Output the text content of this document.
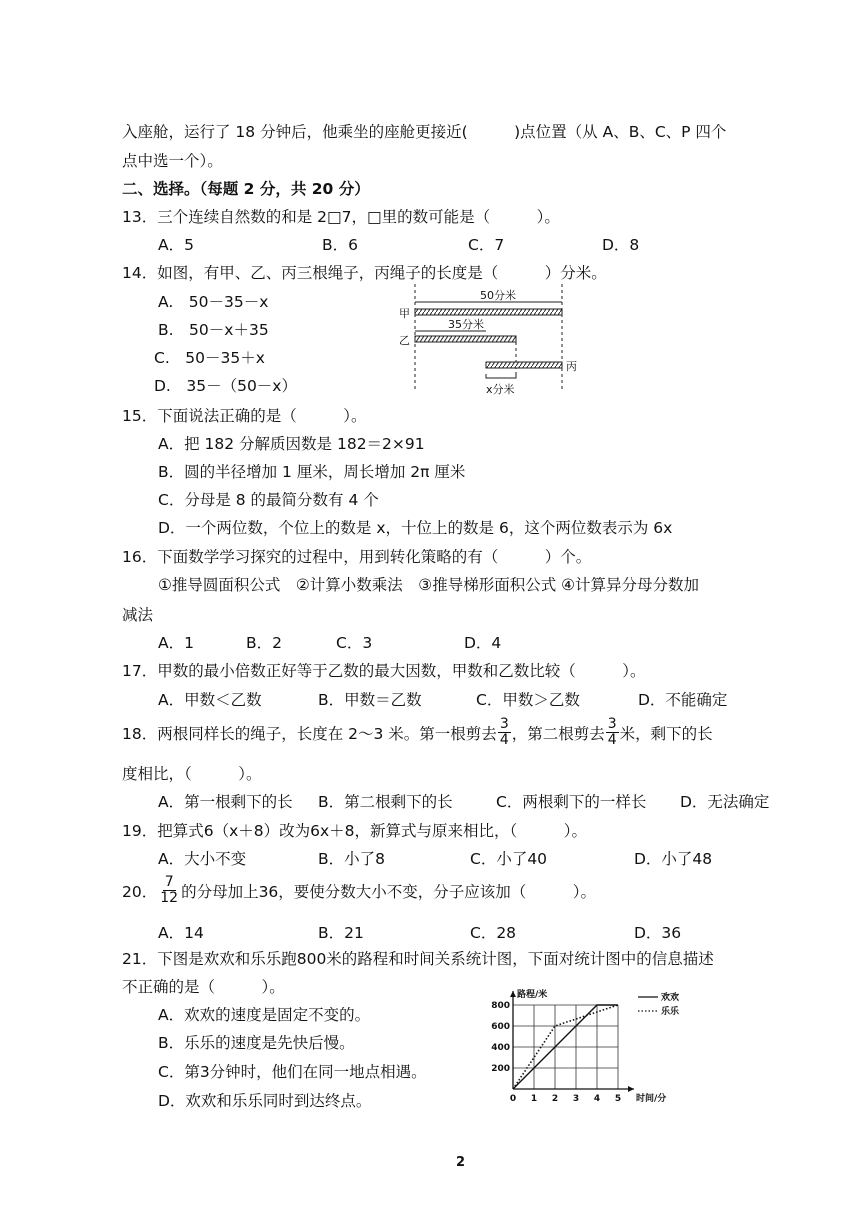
入座舱，运行了 18 分钟后，他乘坐的座舱更接近(　　　)点位置（从 A、B、C、P 四个
点中选一个）。
二、选择。（每题 2 分，共 20 分）
13．三个连续自然数的和是 2□7，□里的数可能是（　　　）。
A．5	B．6	C．7	D．8
14．如图，有甲、乙、丙三根绳子，丙绳子的长度是（　　　）分米。
A.　50－35－x
B.　50－x＋35
C.　50－35＋x
D.　35－（50－x）
50分米
甲
35分米
乙
丙
x分米
15．下面说法正确的是（　　　）。
A．把 182 分解质因数是 182＝2×91
B．圆的半径增加 1 厘米，周长增加 2π 厘米
C．分母是 8 的最简分数有 4 个
D．一个两位数，个位上的数是 x，十位上的数是 6，这个两位数表示为 6x
16．下面数学学习探究的过程中，用到转化策略的有（　　　）个。
①推导圆面积公式　②计算小数乘法　③推导梯形面积公式 ④计算异分母分数加
减法
A．1	B．2	C．3	D．4
17．甲数的最小倍数正好等于乙数的最大因数，甲数和乙数比较（　　　）。
A．甲数＜乙数	B．甲数＝乙数	C．甲数＞乙数	D．不能确定
18．两根同样长的绳子，长度在 2～3 米。第一根剪去 $\frac{3}{4}$ ，第二根剪去 $\frac{3}{4}$ 米，剩下的长
度相比，（　　　）。
A．第一根剩下的长 B．第二根剩下的长	C．两根剩下的一样长 D．无法确定
19．把算式6（x＋8）改为6x＋8，新算式与原来相比，（　　　）。
A．大小不变	B．小了8	C．小了40	D．小了48
20． $\frac{7}{12}$ 的分母加上36，要使分数大小不变，分子应该加（　　　）。
A．14	B．21	C．28	D．36
21．下图是欢欢和乐乐跑800米的路程和时间关系统计图，下面对统计图中的信息描述
不正确的是（　　　）。
A．欢欢的速度是固定不变的。
B．乐乐的速度是先快后慢。
C．第3分钟时，他们在同一地点相遇。
D．欢欢和乐乐同时到达终点。	0 1 2 3 4 5
200
400
600
800
路程/米
时间/分
欢欢
乐乐
2
